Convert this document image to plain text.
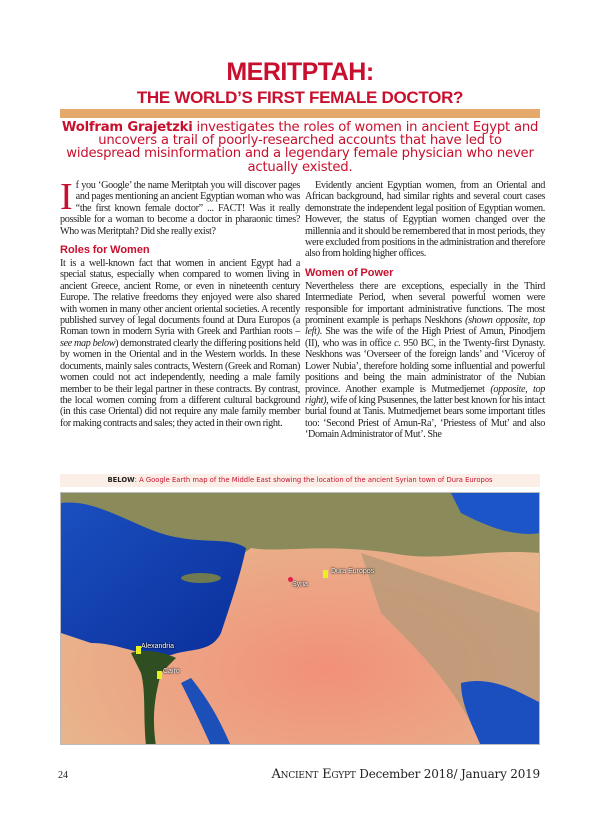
MERITPTAH:
THE WORLD’S FIRST FEMALE DOCTOR?
Wolfram Grajetzki investigates the roles of women in ancient Egypt and uncovers a trail of poorly-researched accounts that have led to widespread misinformation and a legendary female physician who never actually existed.

If you ‘Google’ the name Meritptah you will discover pages and pages mentioning an ancient Egyptian woman who was “the first known female doctor” ... FACT! Was it really possible for a woman to become a doctor in pharaonic times? Who was Meritptah? Did she really exist?

Roles for Women

It is a well-known fact that women in ancient Egypt had a special status, especially when compared to women living in ancient Greece, ancient Rome, or even in nineteenth century Europe. The relative freedoms they enjoyed were also shared with women in many other ancient oriental societies. A recently published survey of legal documents found at Dura Europos (a Roman town in modern Syria with Greek and Parthian roots – see map below) demonstrated clearly the differing positions held by women in the Oriental and in the Western worlds. In these documents, mainly sales contracts, Western (Greek and Roman) women could not act independently, needing a male family member to be their legal partner in these contracts. By contrast, the local women coming from a different cultural background (in this case Oriental) did not require any male family member for making contracts and sales; they acted in their own right.

Evidently ancient Egyptian women, from an Oriental and African background, had similar rights and several court cases demonstrate the independent legal position of Egyptian women. However, the status of Egyptian women changed over the millennia and it should be remembered that in most periods, they were excluded from positions in the administration and therefore also from holding higher offices.

Women of Power

Nevertheless there are exceptions, especially in the Third Intermediate Period, when several powerful women were responsible for important administrative functions. The most prominent example is perhaps Neskhons (shown opposite, top left). She was the wife of the High Priest of Amun, Pinodjem (II), who was in office c. 950 BC, in the Twenty-first Dynasty. Neskhons was ‘Overseer of the foreign lands’ and ‘Viceroy of Lower Nubia’, therefore holding some influential and powerful positions and being the main administrator of the Nubian province. Another example is Mutmedjemet (opposite, top right), wife of king Psusennes, the latter best known for his intact burial found at Tanis. Mutmedjemet bears some important titles too: ‘Second Priest of Amun-Ra’, ‘Priestess of Mut’ and also ‘Domain Administrator of Mut’. She

BELOW: A Google Earth map of the Middle East showing the location of the ancient Syrian town of Dura Europos
Dura Europos
Syria
Alexandria
Cairo
24	Ancient Egypt December 2018/ January 2019
